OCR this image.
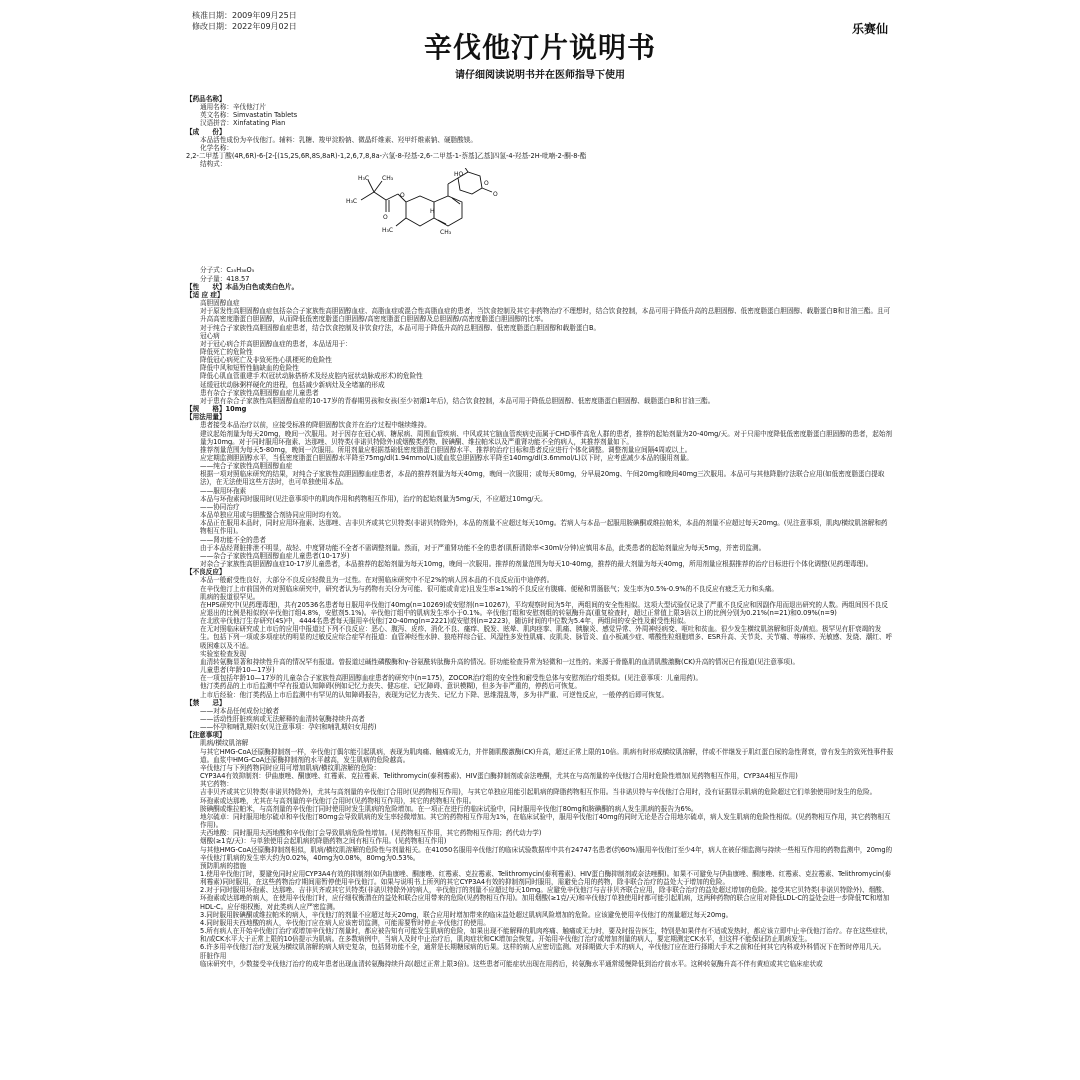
核准日期：2009年09月25日
修改日期：2022年09月02日	乐赛仙
辛伐他汀片说明书
请仔细阅读说明书并在医师指导下使用

【药品名称】

通用名称：辛伐他汀片

英文名称：Simvastatin Tablets

汉语拼音：Xinfatating Pian

【成　　份】

本品活性成份为辛伐他汀。辅料：乳糖、羧甲淀粉钠、微晶纤维素、羟甲纤维素钠、硬脂酸镁。

化学名称：

2,2-二甲基丁酸(4R,6R)-6-[2-[(1S,2S,6R,8S,8aR)-1,2,6,7,8,8a-六氢-8-羟基-2,6-二甲基-1-萘基]乙基]四氢-4-羟基-2H-吡喃-2-酮-8-酯

结构式：

H₃C
CH₃
H₃C
O
O
HO
O
O
H
H₃C	CH₃

分子式：C₂₅H₃₈O₅

分子量：418.57

【性　　状】本品为白色或类白色片。

【适 应 症】

高胆固醇血症

对于原发性高胆固醇血症包括杂合子家族性高胆固醇血症、高脂血症或混合性高脂血症的患者，当饮食控制及其它非药物治疗不理想时，结合饮食控制，本品可用于降低升高的总胆固醇、低密度脂蛋白胆固醇、载脂蛋白B和甘油三酯。且可升高高密度脂蛋白胆固醇，从而降低低密度脂蛋白胆固醇/高密度脂蛋白胆固醇及总胆固醇/高密度脂蛋白胆固醇的比率。

对于纯合子家族性高胆固醇血症患者，结合饮食控制及非饮食疗法，本品可用于降低升高的总胆固醇、低密度脂蛋白胆固醇和载脂蛋白B。

冠心病

对于冠心病合并高胆固醇血症的患者，本品适用于：

降低死亡的危险性

降低冠心病死亡及非致死性心肌梗死的危险性

降低中风和短暂性脑缺血的危险性

降低心肌血管重建手术(冠状动脉搭桥术及经皮腔内冠状动脉成形术)的危险性

延缓冠状动脉粥样硬化的进程，包括减少新病灶及全堵塞的形成

患有杂合子家族性高胆固醇血症儿童患者

对于患有杂合子家族性高胆固醇血症的10-17岁的青春期男孩和女孩(至少初潮1年后)，结合饮食控制，本品可用于降低总胆固醇、低密度脂蛋白胆固醇、载脂蛋白B和甘油三酯。

【规　　格】10mg

【用法用量】

患者接受本品治疗以前，应接受标准的降胆固醇饮食并在治疗过程中继续维持。

建议起始剂量为每天20mg，晚间一次服用。对于因存在冠心病、糖尿病、周围血管疾病、中风或其它脑血管疾病史而属于CHD事件高危人群的患者，推荐的起始剂量为20-40mg/天。对于只需中度降低低密度脂蛋白胆固醇的患者，起始剂量为10mg。对于同时服用环孢素、达那唑、贝特类(非诺贝特除外)或烟酸类药物、胺碘酮、维拉帕米以及严重肾功能不全的病人，其推荐剂量如下。

推荐剂量范围为每天5-80mg，晚间一次服用。所用剂量应根据基础低密度脂蛋白胆固醇水平、推荐的治疗目标和患者反应进行个体化调整。调整剂量应间隔4周或以上。

应定期监测胆固醇水平，当低密度脂蛋白胆固醇水平降至75mg/dl(1.94mmol/L)或血浆总胆固醇水平降至140mg/dl(3.6mmol/L)以下时，应考虑减少本品的服用剂量。

——纯合子家族性高胆固醇血症

根据一项对照临床研究的结果，对纯合子家族性高胆固醇血症患者，本品的推荐剂量为每天40mg，晚间一次服用；或每天80mg，分早晨20mg、午间20mg和晚间40mg三次服用。本品可与其他降脂疗法联合应用(如低密度脂蛋白提取法)，在无法使用这些方法时，也可单独使用本品。

——服用环孢素

本品与环孢素同时服用时(见注意事项中的肌肉作用和药物相互作用)，治疗的起始剂量为5mg/天，不应超过10mg/天。

——协同治疗

本品单独应用或与胆酸螯合剂协同应用时均有效。

本品正在服用本品时，同时应用环孢素、达那唑、吉非贝齐或其它贝特类(非诺贝特除外)，本品的剂量不应超过每天10mg。若病人与本品一起服用胺碘酮或维拉帕米，本品的剂量不应超过每天20mg。(见注意事项，肌肉/横纹肌溶解和药物相互作用)。

——肾功能不全的患者

由于本品经肾脏排泄不明显，故轻、中度肾功能不全者不需调整剂量。然而，对于严重肾功能不全的患者(肌酐清除率<30ml/分钟)应慎用本品，此类患者的起始剂量应为每天5mg，并密切监测。

——杂合子家族性高胆固醇血症儿童患者(10-17岁)

对杂合子家族性高胆固醇血症10-17岁儿童患者，本品推荐的起始剂量为每天10mg，晚间一次服用。推荐的剂量范围为每天10-40mg，推荐的最大剂量为每天40mg，所用剂量应根据推荐的治疗目标进行个体化调整(见药理毒理)。

【不良反应】

本品一般耐受性良好，大部分不良反应轻微且为一过性。在对照临床研究中不足2%的病人因本品的不良反应而中途停药。

在辛伐他汀上市前国外的对照临床研究中，研究者认为与药物有关(分为可能、很可能或肯定)且发生率≥1%的不良反应有腹痛、便秘和胃肠胀气；发生率为0.5%-0.9%的不良反应有疲乏无力和头痛。

肌病的报道很罕见。

在HPS研究中(见药理毒理)，共有20536名患者每日服用辛伐他汀40mg(n=10269)或安慰剂(n=10267)，平均观察时间为5年，两组间的安全性相似。这项大型试验仅记录了严重不良反应和因副作用而退出研究的人数。两组间因不良反应退出的比例是相似的(辛伐他汀组4.8%，安慰剂5.1%)。辛伐他汀组中的肌病发生率小于0.1%。辛伐他汀组和安慰剂组的转氨酶升高(重复检查时，超过正常值上限3倍以上)的比例分别为0.21%(n=21)和0.09%(n=9)

在北欧辛伐他汀生存研究(4S)中，4444名患者每天服用辛伐他汀20-40mg(n=2221)或安慰剂(n=2223)，随访时间的中位数为5.4年，两组间的安全性及耐受性相似。

在无对照临床研究或上市后的应用中报道过下列不良反应：恶心、腹泻、皮疹、消化不良、瘙痒、脱发、眩晕、肌肉痉挛、肌痛、胰腺炎、感觉异常、外周神经病变、呕吐和贫血。很少发生横纹肌溶解和肝炎/黄疸。极罕见有肝衰竭的发生。包括下列一项或多项症状的明显的过敏反应综合症罕有报道：血管神经性水肿、狼疮样综合征、风湿性多发性肌痛、皮肌炎、脉管炎、血小板减少症、嗜酸性粒细胞增多、ESR升高、关节炎、关节痛、荨麻疹、光敏感、发烧、潮红、呼吸困难以及不适。

实验室检查发现

血清转氨酶显著和持续性升高的情况罕有报道。曾报道过碱性磷酸酶和γ-谷氨酰转肽酶升高的情况。肝功能检查异常为轻微和一过性的。来源于骨骼肌的血清肌酸激酶(CK)升高的情况已有报道(见注意事项)。

儿童患者(年龄10—17岁)

在一项包括年龄10—17岁的儿童杂合子家族性高胆固醇血症患者的研究中(n=175)，ZOCOR治疗组的安全性和耐受性总体与安慰剂治疗组类似。(见注意事项：儿童用药)。

他汀类药品的上市后监测中罕有报道认知障碍(例如记忆力丧失、健忘症、记忆障碍、意识模糊)，但多为非严重的，停药后可恢复。

上市后经验：他汀类药品上市后监测中有罕见的认知障碍报告，表现为记忆力丧失、记忆力下降、思维混乱等，多为非严重、可逆性反应，一般停药后即可恢复。

【禁　　忌】

——对本品任何成份过敏者

——活动性肝脏疾病或无法解释的血清转氨酶持续升高者

——怀孕和哺乳期妇女(见注意事项：孕妇和哺乳期妇女用药)

【注意事项】

肌病/横纹肌溶解

与其它HMG-CoA还原酶抑制剂一样，辛伐他汀偶尔能引起肌病，表现为肌肉痛、触痛或无力，并伴随肌酸激酶(CK)升高，超过正常上限的10倍。肌病有时形成横纹肌溶解，伴或不伴继发于肌红蛋白尿的急性肾衰，曾有发生的致死性事件报道。血浆中HMG-CoA还原酶抑制剂的水平越高，发生肌病的危险越高。

辛伐他汀与下列药物同时应用可增加肌病/横纹肌溶解的危险：

CYP3A4有效抑制剂：伊曲康唑、酮康唑、红霉素、克拉霉素、Telithromycin(泰利霉素)、HIV蛋白酶抑制剂或奈法唑酮，尤其在与高剂量的辛伐他汀合用时危险性增加(见药物相互作用，CYP3A4相互作用)

其它药物：

吉非贝齐或其它贝特类(非诺贝特除外)，尤其与高剂量的辛伐他汀合用时(见药物相互作用)，与其它单独应用能引起肌病的降脂药物相互作用。当非诺贝特与辛伐他汀合用时，没有证据显示肌病的危险超过它们单独使用时发生的危险。

环孢素或达那唑，尤其在与高剂量的辛伐他汀合用时(见药物相互作用)，其它的药物相互作用。

胺碘酮或维拉帕米，与高剂量的辛伐他汀同时使用时发生肌病的危险增加。在一项正在进行的临床试验中，同时服用辛伐他汀80mg和胺碘酮的病人发生肌病的报告为6%。

地尔硫卓：同时服用地尔硫卓和辛伐他汀80mg会导致肌病的发生率轻微增加。其它的药物相互作用为1%，在临床试验中，服用辛伐他汀40mg的同时无论是否合用地尔硫卓，病人发生肌病的危险性相似。(见药物相互作用，其它药物相互作用)。

夫西地酸：同时服用夫西地酸和辛伐他汀会导致肌病危险性增加。(见药物相互作用，其它药物相互作用；药代动力学)

烟酸(≥1克/天)：与单独使用会起肌病的降脂药物之间有相互作用。(见药物相互作用)

与其他HMG-CoA还原酶抑制剂相似，肌病/横纹肌溶解的危险性与剂量相关。在41050名服用辛伐他汀的临床试验数据库中共有24747名患者(约60%)服用辛伐他汀至少4年，病人在被仔细监测与持续一些相互作用的药物监测中，20mg的辛伐他汀肌病的发生率大约为0.02%，40mg为0.08%，80mg为0.53%。

预防肌病的措施

1.使用辛伐他汀时，要避免同时应用CYP3A4有效的抑制剂(如伊曲康唑、酮康唑、红霉素、克拉霉素、Telithromycin(泰利霉素)、HIV蛋白酶抑制剂或奈法唑酮)。如果不可避免与伊曲康唑、酮康唑、红霉素、克拉霉素、Telithromycin(泰利霉素)同时服用，在这些药物治疗期间需暂停使用辛伐他汀。如果与说明书上所列的其它CYP3A4有效的抑制剂同时服用，需避免合用的药物，除非联合治疗的益处大于增加的危险。

2.对于同时服用环孢素、达那唑、吉非贝齐或其它贝特类(非诺贝特除外)的病人，辛伐他汀的剂量不应超过每天10mg。应避免辛伐他汀与吉非贝齐联合应用，除非联合治疗的益处超过增加的危险。接受其它贝特类(非诺贝特除外)、烟酸、环孢素或达那唑的病人，在使用辛伐他汀时，应仔细权衡潜在的益处和联合应用带来的危险(见药物相互作用)。加用烟酸(≥1克/天)和辛伐他汀单独使用时都可能引起肌病，这两种药物的联合应用对降低LDL-C的益处会进一步降低TC和增加HDL-C。应仔细权衡，对此类病人应严密监测。

3.同时服用胺碘酮或维拉帕米的病人，辛伐他汀的剂量不应超过每天20mg，联合应用时增加带来的临床益处超过肌病风险增加的危险。应该避免使用辛伐他汀的剂量超过每天20mg。

4.同时服用夫西地酸的病人，辛伐他汀应在病人应该密切监测，可能需要暂时停止辛伐他汀的使用。

5.所有病人在开始辛伐他汀治疗或增加辛伐他汀剂量时，都应被告知有可能发生肌病的危险，如果出现不能解释的肌肉疼痛、触痛或无力时，要及时报告医生，特别是如果伴有不适或发热时，都应该立即中止辛伐他汀治疗。存在这些症状，和/或CK水平大于正常上限的10倍提示为肌病。在多数病例中，当病人及时中止治疗后，肌肉症状和CK增加会恢复。开始用辛伐他汀治疗或增加剂量的病人，要定期测定CK水平，但这样不能保证防止肌病发生。

6.许多用辛伐他汀治疗发展为横纹肌溶解的病人病史复杂，包括肾功能不全，通常是长期糖尿病的后果。这样的病人应密切监测。对择期做大手术的病人，辛伐他汀应在进行择期大手术之前和任何其它内科或外科情况下在暂时停用几天。

肝脏作用

临床研究中，少数接受辛伐他汀治疗的成年患者出现血清转氨酶持续升高(超过正常上限3倍)。这些患者可能症状出现在用药后，转氨酶水平通常缓慢降低到治疗前水平。这种转氨酶升高不伴有黄疸或其它临床症状或
